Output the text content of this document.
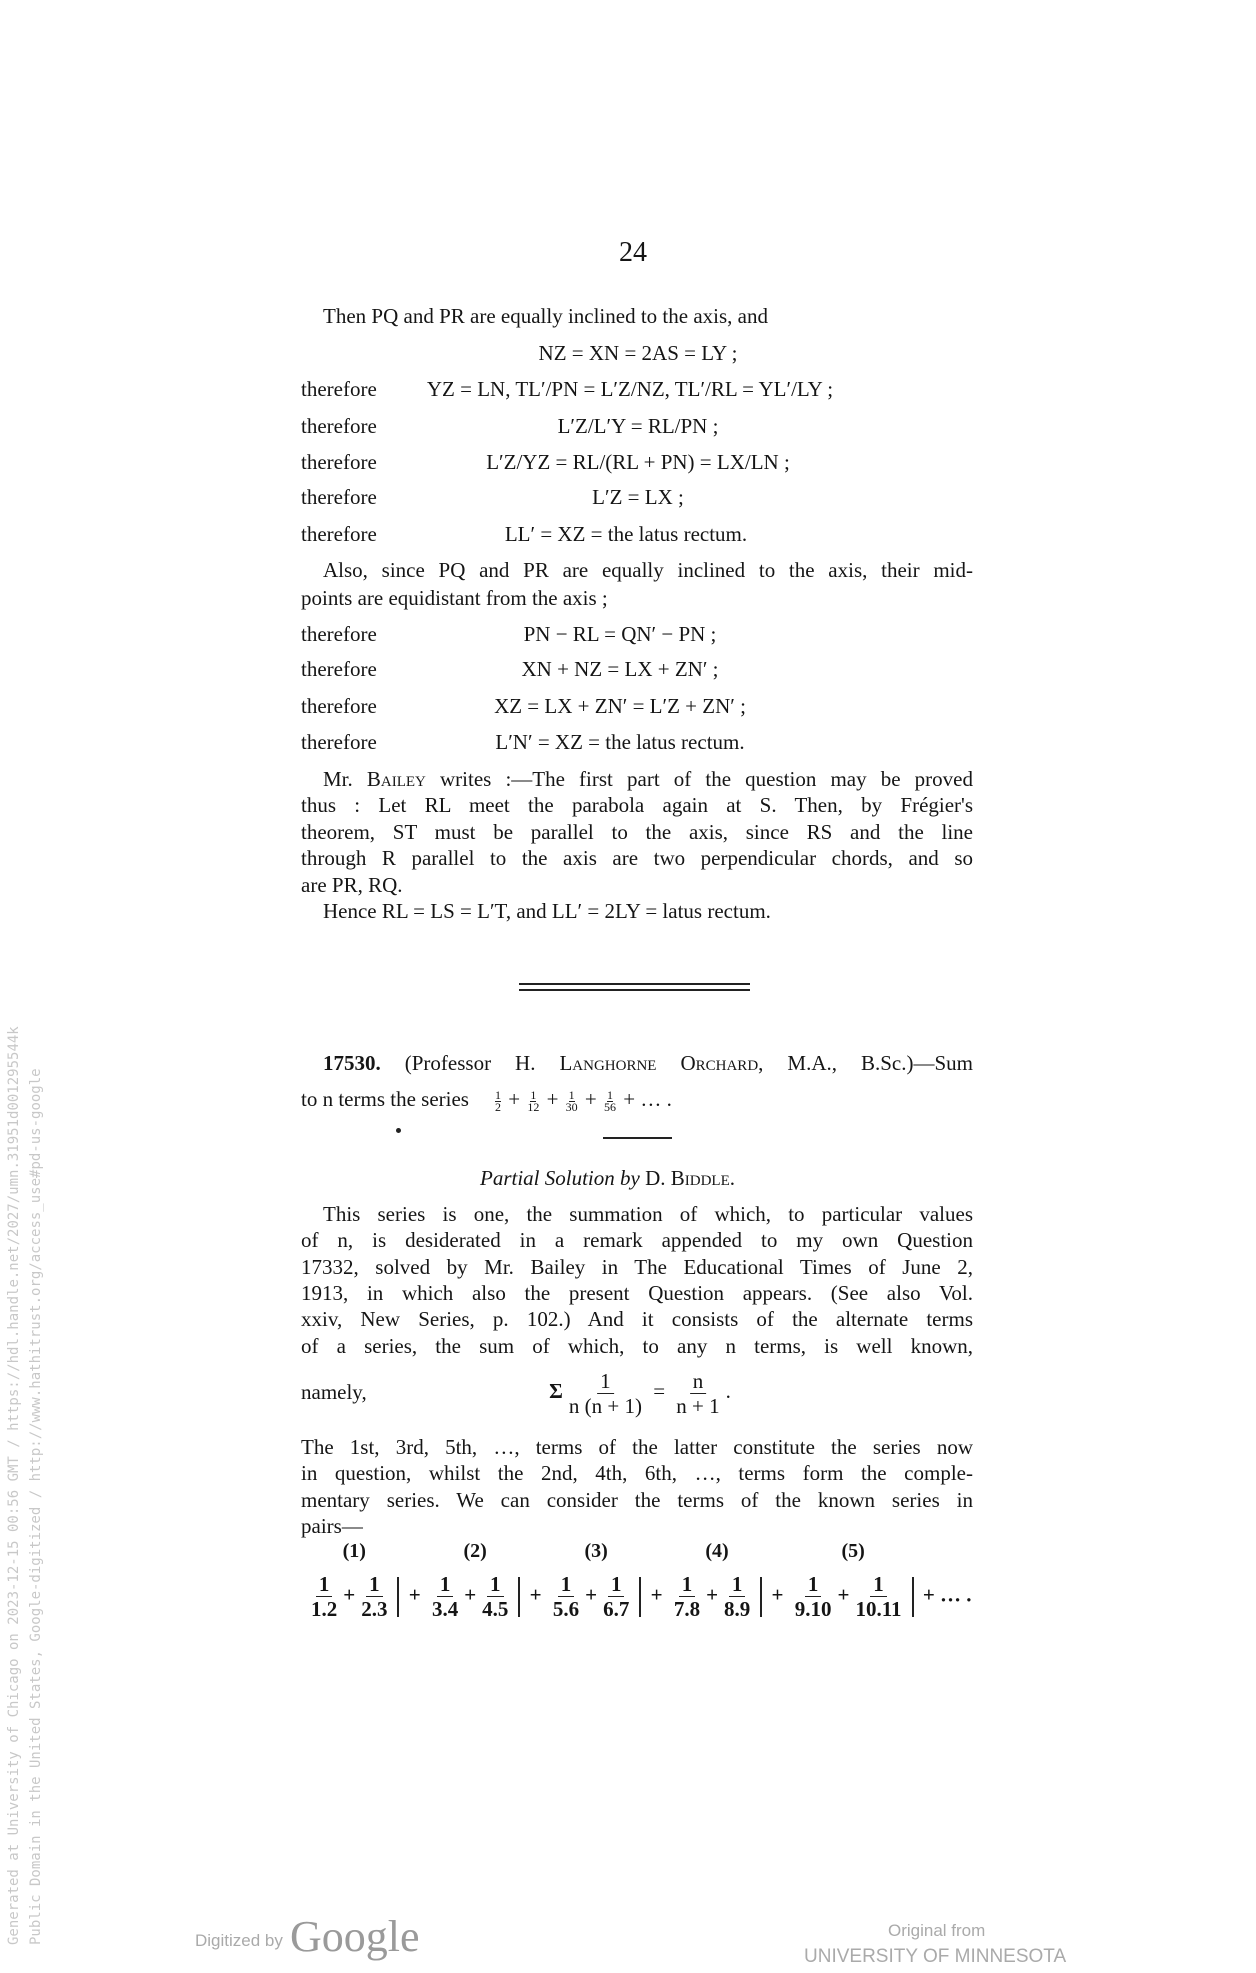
24
Then PQ and PR are equally inclined to the axis, and
NZ = XN = 2AS = LY ;
Mr. Bailey writes :—The first part of the question may be proved
Hence RL = LS = L′T, and LL′ = 2LY = latus rectum.
17530. (Professor H. Langhorne Orchard, M.A., B.Sc.)—Sum
to n terms the series $\frac{1}{2} + \frac{1}{12} + \frac{1}{30} + \frac{1}{56}$ + … .
Partial Solution by D. Biddle.
namely,	Σ $\frac{1}{n (n + 1)} = \frac{n}{n + 1}$ .
(1)
$\frac{1}{1.2} + \frac{1}{2.3}$ +
(2)
$\frac{1}{3.4} + \frac{1}{4.5}$ +
(3)
$\frac{1}{5.6} + \frac{1}{6.7}$ +
(4)
$\frac{1}{7.8} + \frac{1}{8.9}$ +
(5)
$\frac{1}{9.10} + \frac{1}{10.11}$ + … .
Digitized by Google	Original from
UNIVERSITY OF MINNESOTA
Generated at University of Chicago on 2023-12-15 00:56 GMT / https://hdl.handle.net/2027/umn.31951d001295544k Public Domain in the United States, Google-digitized / http://www.hathitrust.org/access_use#pd-us-google
therefore YZ = LN, TL′/PN = L′Z/NZ, TL′/RL = YL′/LY ;
therefore	L′Z/L′Y = RL/PN ;
therefore	L′Z/YZ = RL/(RL + PN) = LX/LN ;
therefore	L′Z = LX ;
therefore	LL′ = XZ = the latus rectum.
Also, since PQ and PR are equally inclined to the axis, their mid-
points are equidistant from the axis ;
therefore	PN − RL = QN′ − PN ;
therefore	XN + NZ = LX + ZN′ ;
therefore	XZ = LX + ZN′ = L′Z + ZN′ ;
therefore	L′N′ = XZ = the latus rectum.
thus : Let RL meet the parabola again at S. Then, by Frégier's
theorem, ST must be parallel to the axis, since RS and the line
through R parallel to the axis are two perpendicular chords, and so
are PR, RQ.
This series is one, the summation of which, to particular values
of n, is desiderated in a remark appended to my own Question
17332, solved by Mr. Bailey in The Educational Times of June 2,
1913, in which also the present Question appears. (See also Vol.
xxiv, New Series, p. 102.) And it consists of the alternate terms
of a series, the sum of which, to any n terms, is well known,
The 1st, 3rd, 5th, …, terms of the latter constitute the series now
in question, whilst the 2nd, 4th, 6th, …, terms form the comple-
mentary series. We can consider the terms of the known series in
pairs—
